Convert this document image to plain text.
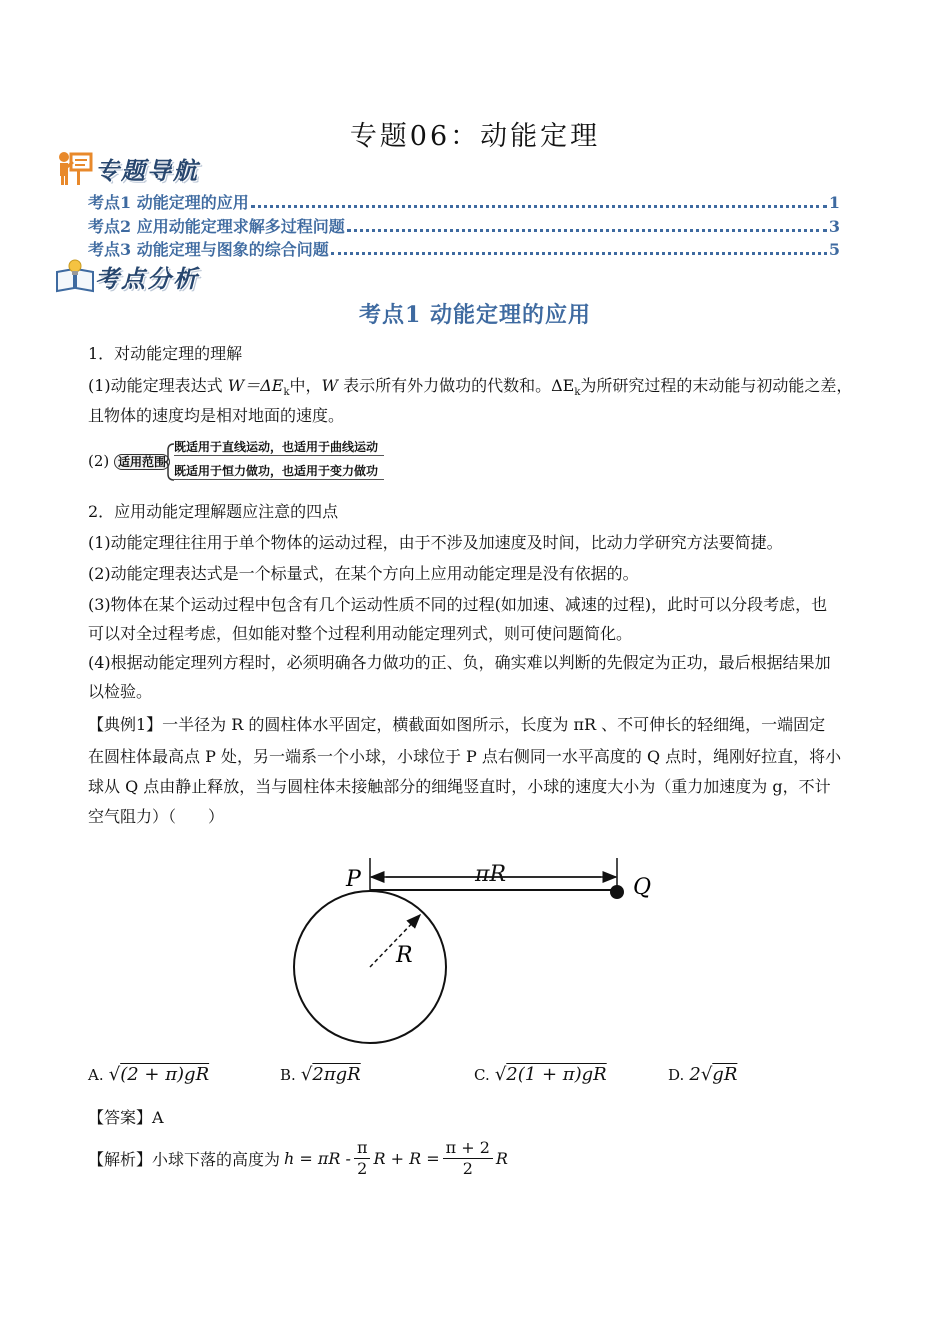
专题06：动能定理
专题导航
考点1 动能定理的应用	1
考点2 应用动能定理求解多过程问题	3
考点3 动能定理与图象的综合问题	5
考点分析
考点1 动能定理的应用
1．对动能定理的理解
(1)动能定理表达式 $W=\Delta E_k$中，W 表示所有外力做功的代数和。$\Delta E_k$为所研究过程的末动能与初动能之差，
且物体的速度均是相对地面的速度。
(2) 适用范围
既适用于直线运动，也适用于曲线运动
既适用于恒力做功，也适用于变力做功
2．应用动能定理解题应注意的四点
(1)动能定理往往用于单个物体的运动过程，由于不涉及加速度及时间，比动力学研究方法要简捷。
(2)动能定理表达式是一个标量式，在某个方向上应用动能定理是没有依据的。
(3)物体在某个运动过程中包含有几个运动性质不同的过程(如加速、减速的过程)，此时可以分段考虑，也
可以对全过程考虑，但如能对整个过程利用动能定理列式，则可使问题简化。
(4)根据动能定理列方程时，必须明确各力做功的正、负，确实难以判断的先假定为正功，最后根据结果加
以检验。
【典例1】一半径为 R 的圆柱体水平固定，横截面如图所示，长度为 πR 、不可伸长的轻细绳，一端固定
在圆柱体最高点 P 处，另一端系一个小球，小球位于 P 点右侧同一水平高度的 Q 点时，绳刚好拉直，将小
球从 Q 点由静止释放，当与圆柱体未接触部分的细绳竖直时，小球的速度大小为（重力加速度为 g，不计
空气阻力）（　　）
P	Q
R
πR
A. √(2 + π)gR	B. √2πgR	C. √2(1 + π)gR	D. 2√gR
【答案】A
【解析】小球下落的高度为 $h = \pi R - \frac{\pi}{2}$ $R + R = \frac{\pi + 2}{2}$ R
